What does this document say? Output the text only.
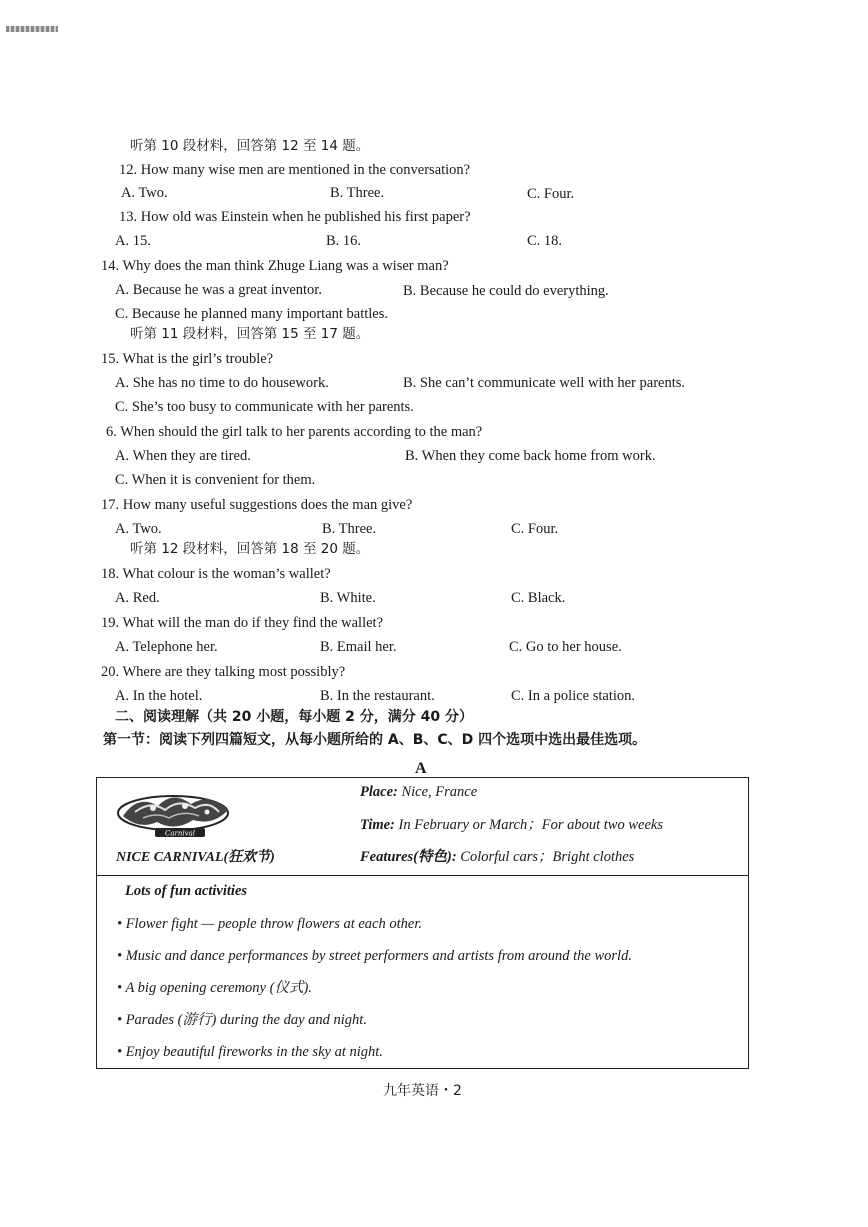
听第 10 段材料，回答第 12 至 14 题。
12. How many wise men are mentioned in the conversation?
A. Two.	B. Three.	C. Four.
13. How old was Einstein when he published his first paper?
A. 15.	B. 16.	C. 18.
14. Why does the man think Zhuge Liang was a wiser man?
A. Because he was a great inventor.	B. Because he could do everything.
C. Because he planned many important battles.
听第 11 段材料，回答第 15 至 17 题。
15. What is the girl’s trouble?
A. She has no time to do housework.	B. She can’t communicate well with her parents.
C. She’s too busy to communicate with her parents.
6. When should the girl talk to her parents according to the man?
A. When they are tired.	B. When they come back home from work.
C. When it is convenient for them.
17. How many useful suggestions does the man give?
A. Two.	B. Three.	C. Four.
听第 12 段材料，回答第 18 至 20 题。
18. What colour is the woman’s wallet?
A. Red.	B. White.	C. Black.
19. What will the man do if they find the wallet?
A. Telephone her.	B. Email her.	C. Go to her house.
20. Where are they talking most possibly?
A. In the hotel.	B. In the restaurant.	C. In a police station.
二、阅读理解（共 20 小题，每小题 2 分，满分 40 分）
第一节：阅读下列四篇短文，从每小题所给的 A、B、C、D 四个选项中选出最佳选项。
A
Carnival
NICE CARNIVAL(狂欢节)
Place: Nice, France
Time: In February or March；For about two weeks
Features(特色): Colorful cars；Bright clothes
Lots of fun activities
• Flower fight — people throw flowers at each other.
• Music and dance performances by street performers and artists from around the world.
• A big opening ceremony (仪式).
• Parades (游行) during the day and night.
• Enjoy beautiful fireworks in the sky at night.
九年英语・2
